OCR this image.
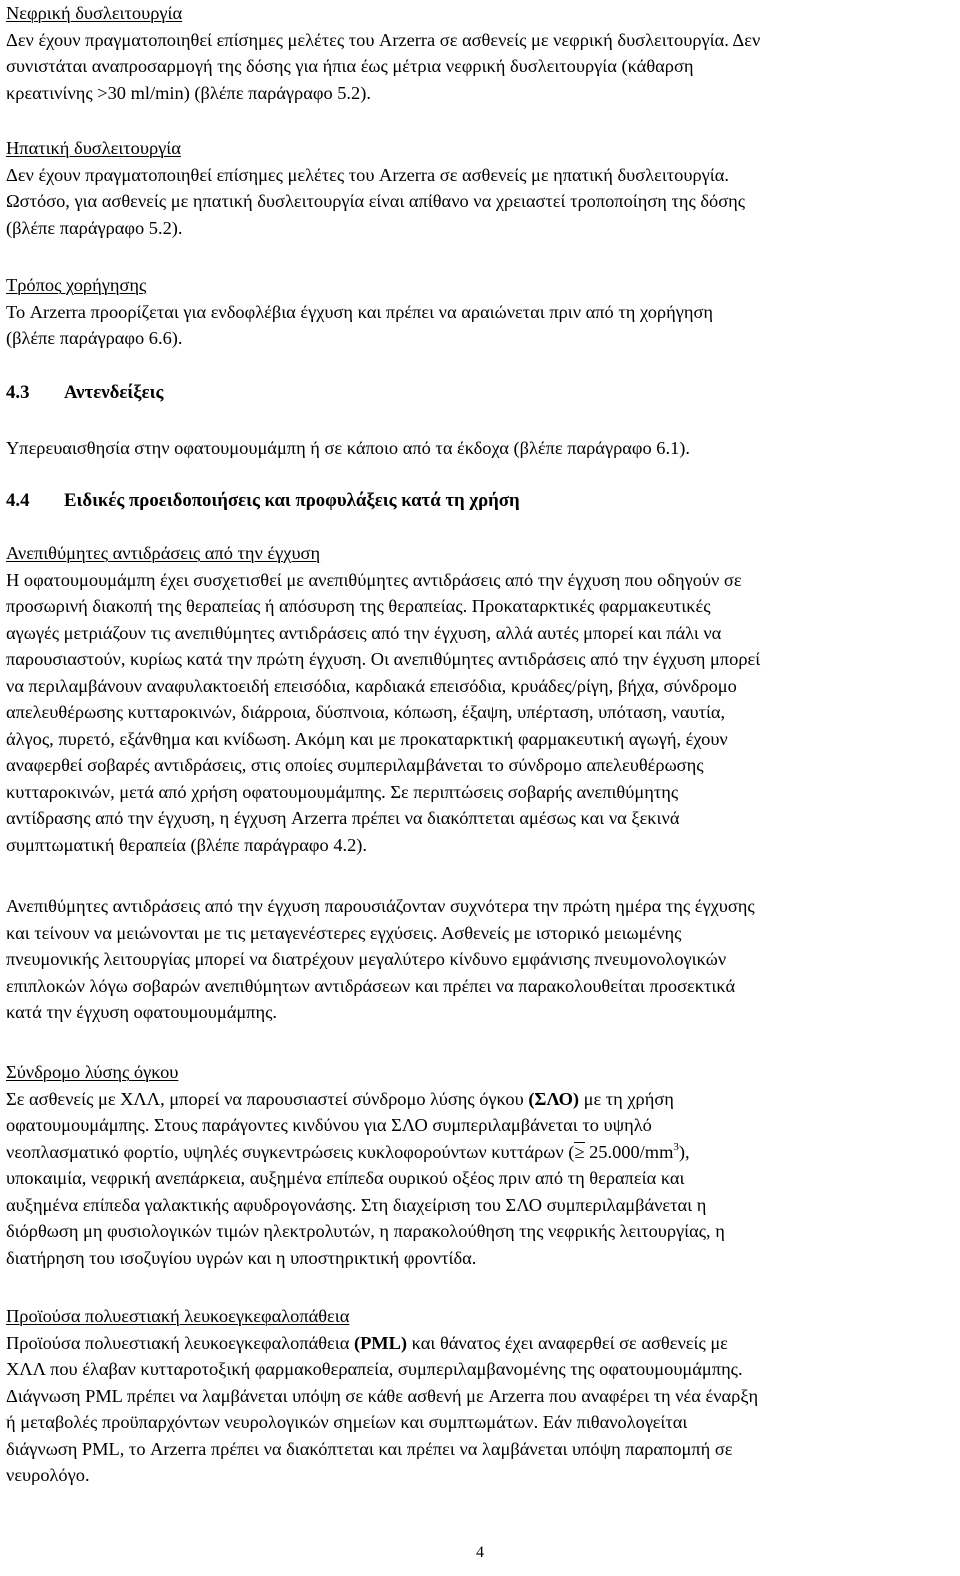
Νεφρική δυσλειτουργία
Δεν έχουν πραγματοποιηθεί επίσημες μελέτες του Arzerra σε ασθενείς με νεφρική δυσλειτουργία. Δεν
συνιστάται αναπροσαρμογή της δόσης για ήπια έως μέτρια νεφρική δυσλειτουργία (κάθαρση
κρεατινίνης >30 ml/min) (βλέπε παράγραφο 5.2).
Ηπατική δυσλειτουργία
Δεν έχουν πραγματοποιηθεί επίσημες μελέτες του Arzerra σε ασθενείς με ηπατική δυσλειτουργία.
Ωστόσο, για ασθενείς με ηπατική δυσλειτουργία είναι απίθανο να χρειαστεί τροποποίηση της δόσης
(βλέπε παράγραφο 5.2).
Τρόπος χορήγησης
Το Arzerra προορίζεται για ενδοφλέβια έγχυση και πρέπει να αραιώνεται πριν από τη χορήγηση
(βλέπε παράγραφο 6.6).
4.3 Αντενδείξεις
Υπερευαισθησία στην οφατουμουμάμπη ή σε κάποιο από τα έκδοχα (βλέπε παράγραφο 6.1).
4.4 Ειδικές προειδοποιήσεις και προφυλάξεις κατά τη χρήση
Ανεπιθύμητες αντιδράσεις από την έγχυση
Η οφατουμουμάμπη έχει συσχετισθεί με ανεπιθύμητες αντιδράσεις από την έγχυση που οδηγούν σε
προσωρινή διακοπή της θεραπείας ή απόσυρση της θεραπείας. Προκαταρκτικές φαρμακευτικές
αγωγές μετριάζουν τις ανεπιθύμητες αντιδράσεις από την έγχυση, αλλά αυτές μπορεί και πάλι να
παρουσιαστούν, κυρίως κατά την πρώτη έγχυση. Οι ανεπιθύμητες αντιδράσεις από την έγχυση μπορεί
να περιλαμβάνουν αναφυλακτοειδή επεισόδια, καρδιακά επεισόδια, κρυάδες/ρίγη, βήχα, σύνδρομο
απελευθέρωσης κυτταροκινών, διάρροια, δύσπνοια, κόπωση, έξαψη, υπέρταση, υπόταση, ναυτία,
άλγος, πυρετό, εξάνθημα και κνίδωση. Ακόμη και με προκαταρκτική φαρμακευτική αγωγή, έχουν
αναφερθεί σοβαρές αντιδράσεις, στις οποίες συμπεριλαμβάνεται το σύνδρομο απελευθέρωσης
κυτταροκινών, μετά από χρήση οφατουμουμάμπης. Σε περιπτώσεις σοβαρής ανεπιθύμητης
αντίδρασης από την έγχυση, η έγχυση Arzerra πρέπει να διακόπτεται αμέσως και να ξεκινά
συμπτωματική θεραπεία (βλέπε παράγραφο 4.2).
Ανεπιθύμητες αντιδράσεις από την έγχυση παρουσιάζονταν συχνότερα την πρώτη ημέρα της έγχυσης
και τείνουν να μειώνονται με τις μεταγενέστερες εγχύσεις. Ασθενείς με ιστορικό μειωμένης
πνευμονικής λειτουργίας μπορεί να διατρέχουν μεγαλύτερο κίνδυνο εμφάνισης πνευμονολογικών
επιπλοκών λόγω σοβαρών ανεπιθύμητων αντιδράσεων και πρέπει να παρακολουθείται προσεκτικά
κατά την έγχυση οφατουμουμάμπης.
Σύνδρομο λύσης όγκου
Σε ασθενείς με ΧΛΛ, μπορεί να παρουσιαστεί σύνδρομο λύσης όγκου (ΣΛΟ) με τη χρήση
οφατουμουμάμπης. Στους παράγοντες κινδύνου για ΣΛΟ συμπεριλαμβάνεται το υψηλό
νεοπλασματικό φορτίο, υψηλές συγκεντρώσεις κυκλοφορούντων κυττάρων (≥ $25.000/mm^3$),
υποκαιμία, νεφρική ανεπάρκεια, αυξημένα επίπεδα ουρικού οξέος πριν από τη θεραπεία και
αυξημένα επίπεδα γαλακτικής αφυδρογονάσης. Στη διαχείριση του ΣΛΟ συμπεριλαμβάνεται η
διόρθωση μη φυσιολογικών τιμών ηλεκτρολυτών, η παρακολούθηση της νεφρικής λειτουργίας, η
διατήρηση του ισοζυγίου υγρών και η υποστηρικτική φροντίδα.
Προϊούσα πολυεστιακή λευκοεγκεφαλοπάθεια
Προϊούσα πολυεστιακή λευκοεγκεφαλοπάθεια (PML) και θάνατος έχει αναφερθεί σε ασθενείς με
ΧΛΛ που έλαβαν κυτταροτοξική φαρμακοθεραπεία, συμπεριλαμβανομένης της οφατουμουμάμπης.
Διάγνωση PML πρέπει να λαμβάνεται υπόψη σε κάθε ασθενή με Arzerra που αναφέρει τη νέα έναρξη
ή μεταβολές προϋπαρχόντων νευρολογικών σημείων και συμπτωμάτων. Εάν πιθανολογείται
διάγνωση PML, το Arzerra πρέπει να διακόπτεται και πρέπει να λαμβάνεται υπόψη παραπομπή σε
νευρολόγο.
4
